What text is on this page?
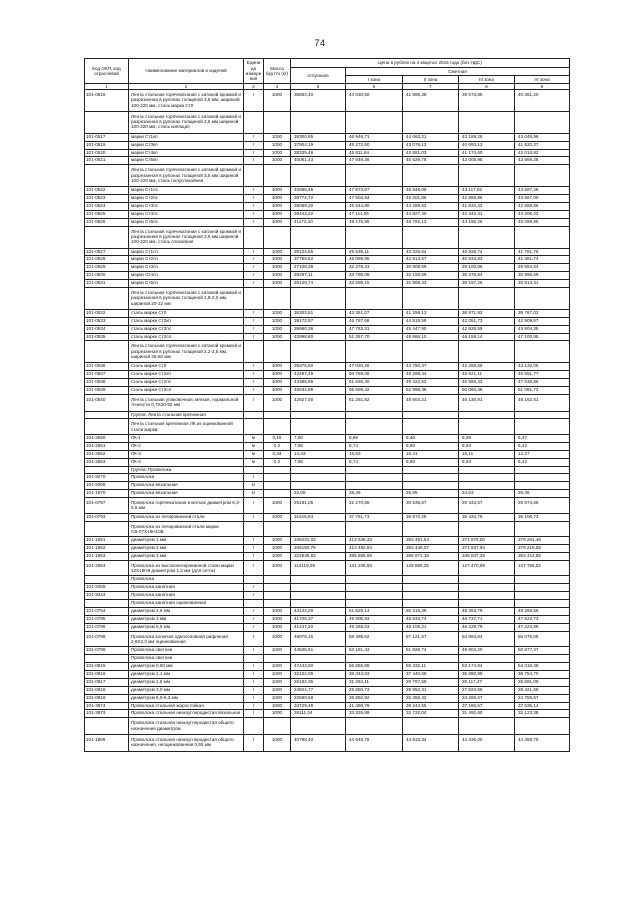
74
Код ОКП, код отраслевой	Наименование материалов и изделий	Едини ца измере ния	Масса брутто (кг)	Цена в рублях на 4 квартал 2015 года (без НДС)				
				отпускная	Сметная			
					I зона	II зона	III зона	IV зона
1	2	3	4	5	6	7	8	9
101-0516	Лента стальная горячекатаная с катаной кромкой и разрезанная в рулонах толщиной 3,5 мм, шириной 100-220 мм, сталь марки Ст0	т	1000	36864,40	44 030,60	41 896,38	39 573,85	40 361,20
	Лента стальная горячекатаная с катаной кромкой и разрезанная в рулонах толщиной 3,5 мм шириной 100-220 мм, сталь кипящая							
101-0517	марки Ст1кп	т	1000	38300,65	46 946,71	44 663,21	42 189,26	43 048,96
101-0519	марки Ст3кп	т	1000	37904,19	45 272,60	43 078,13	40 693,13	41 520,27
101-0520	марки Ст4кп	т	1000	38335,48	45 811,84	43 581,03	41 174,60	42 014,82
101-0521	марки Ст5кп	т	1000	40061,43	47 849,36	45 529,78	43 005,95	43 869,26
	Лента стальная горячекатаная с катаной кромкой и разрезанная в рулонах толщиной 3,5 мм шириной 100-220 мм, сталь полуспокойная							
101-0522	марки Ст1пс	т	1000	40065,45	47 873,67	45 548,09	43 117,62	43 597,28
101-0523	марки Ст2пс	т	1000	39772,72	47 504,54	45 201,86	42 865,96	43 567,00
101-0524	марки Ст3пс	т	1000	38069,20	45 544,80	44 288,52	41 833,42	42 688,86
101-0525	марки Ст4пс	т	1000	39443,32	47 111,06	44 827,30	42 342,41	43 206,22
101-0526	марки Ст5пс	т	1000	41172,10	49 175,96	46 792,13	44 196,26	45 099,95
	Лента стальная горячекатаная с катаной кромкой и разрезанная в рулонах толщиной 3,5 мм шириной 100-220 мм, сталь спокойная							
101-0527	марки Ст1сп	т	1000	38124,65	45 536,11	43 326,64	40 926,74	41 761,76
101-0528	марки Ст2сп	т	1000	37759,52	45 099,95	42 913,67	40 534,83	41 361,74
101-0529	марки Ст3сп	т	1000	27108,38	32 378,23	30 808,69	29 100,86	29 694,54
101-0530	марки Ст4сп	т	1000	28297,11	33 798,09	32 159,69	30 376,94	30 996,69
101-0531	марки Ст5сп	т	1000	28129,74	33 598,15	31 969,43	30 197,26	30 813,31
	Лента стальная горячекатаная с катаной кромкой и разрезанная в рулонах толщиной 1,8-2,0 мм, шириной 20-22 мм							
101-0532	сталь марки Ст0	т	1000	36303,61	43 361,07	41 259,13	38 971,93	39 767,03
101-0533	сталь марки Ст2кп	т	1000	39172,57	46 787,68	44 519,59	42 051,73	42 909,57
101-0534	сталь марки Ст2пс	т	1000	39980,36	47 763,31	45 447,90	42 928,59	43 804,35
101-0535	сталь марки Ст2сп	т	1000	42998,60	51 357,70	48 866,10	46 159,14	47 100,85
	Лента стальная горячекатаная с катаной кромкой и разрезанная в рулонах толщиной 2,2-2,5 мм, шириной 36-60 мм							
101-0536	сталь марки Ст0	т	1000	39375,60	47 030,26	44 750,37	42 269,69	43 132,05
101-0537	сталь марки Ст2кп	т	1000	42497,49	50 759,06	48 298,44	45 621,11	46 551,77
101-0538	сталь марки Ст2пс	т	1000	43398,66	51 835,30	49 322,52	46 588,43	47 538,86
101-0539	сталь марки Ст2сп	т	1000	46632,98	55 698,42	52 998,38	50 060,48	51 081,72
101-0540	Лента стальная упаковочная, мягкая, нормальной точности 0,7Х20-50 мм	т	1000	42927,00	51 281,82	48 804,21	46 130,91	46 162,61
	Группа: Лента стальная крепежная							
	Лента стальная крепежная ЛК из оцинкованной стали марки:							
101-2550	ЛК-1	м	0,16	7,90	8,69	8,46	8,39	6,37
101-2551	ЛК-2	м	0,2	7,95	8,74	8,50	8,34	6,42
101-2552	ЛК-3	м	0,34	14,43	15,83	15,41	15,11	12,27
101-2553	ЛК-4	м	0,2	7,95	8,74	8,50	8,34	6,42
	Группа: Проволока							
101-9270	Проволока	т						
101-9268	Проволока вязальная	кг						
101-1870	Проволока вязальная	кг		22,08	26,46	25,85	24,63	25,36
101-0797	Проволока горячекатаная в мотках диаметром 6,3-6,5 мм	т	1000	25181,05	31 270,65	30 536,67	29 343,67	29 874,66
101-0793	Проволока из легированной стали	т	1000	31615,64	37 761,73	36 872,25	35 434,76	36 106,73
	Проволока из легированной стали марки СВ-07Х18Н10Б							
101-1651	диаметром 1 мм	т	1000	346231,02	413 538,33	393 491,54	371 679,00	379 261,46
101-1652	диаметром 2 мм	т	1000	346192,76	413 492,64	393 448,07	371 637,94	379 219,55
101-1653	диаметром 3 мм	т	1000	322835,83	385 595,69	366 671,18	346 547,28	353 412,85
101-2564	Проволока из высоколегированной стали марки 12Х18Н9 диаметром 1,2 мм (для сеток)	т	1000	114119,05	131 236,93	128 869,26	127 470,99	127 768,52
	Проволока							
101-9289	Проволока канатная	т						
101-9344	Проволока канатная	т						
	Проволока канатная оцинкованная							
101-0794	диаметром 2,6 мм	т	1000	43142,29	51 529,14	50 315,38	48 353,79	49 269,56
101-0795	диаметром 3 мм	т	1000	41706,37	49 806,93	48 633,74	46 737,71	47 622,73
101-0796	диаметром 5,5 мм	т	1000	41247,20	49 265,63	48 105,21	46 229,79	47 223,88
101-0798	Проволока колючая одноосновная рифленая 2,8Х2,3 мм оцинкованная	т	1000	48978,15	58 499,62	57 121,57	54 894,84	56 075,06
101-0799	Проволока светлая	т	1000	44525,61	53 181,43	51 928,74	49 904,20	50 977,37
	Проволока светлая							
101-0815	диаметром 0,50 мм	т	1000	47443,60	56 666,89	55 332,11	53 174,94	54 318,38
101-0816	диаметром 1,1 мм	т	1000	32102,09	38 343,63	37 440,68	35 980,99	36 754,70
101-0817	диаметром 1,6 мм	т	1000	26192,35	31 284,11	29 767,59	28 117,47	28 691,09
101-0818	диаметром 3,0 мм	т	1000	24824,77	29 650,73	28 952,31	27 823,56	28 421,68
101-0819	диаметром 6,0-6,3 мм	т	1000	22599,58	26 992,92	26 356,42	24 265,67	24 755,57
101-3874	Проволока стальная жаростойкая	т	1000	34729,49	41 480,79	39 244,55	37 160,57	37 635,14
101-3873	Проволока стальная низкоуглеродистая вязальная	т	1000	28111,04	33 326,89	32 732,04	31 492,60	32 123,38
	Проволока стальная низкоуглеродистая общего назначения диаметром							
101-1806	Проволока стальная низкоуглеродистая общего назначения, неоцинкованная 0,55 мм	т	1000	40798,40	44 946,76	44 633,34	44 336,00	44 469,79
